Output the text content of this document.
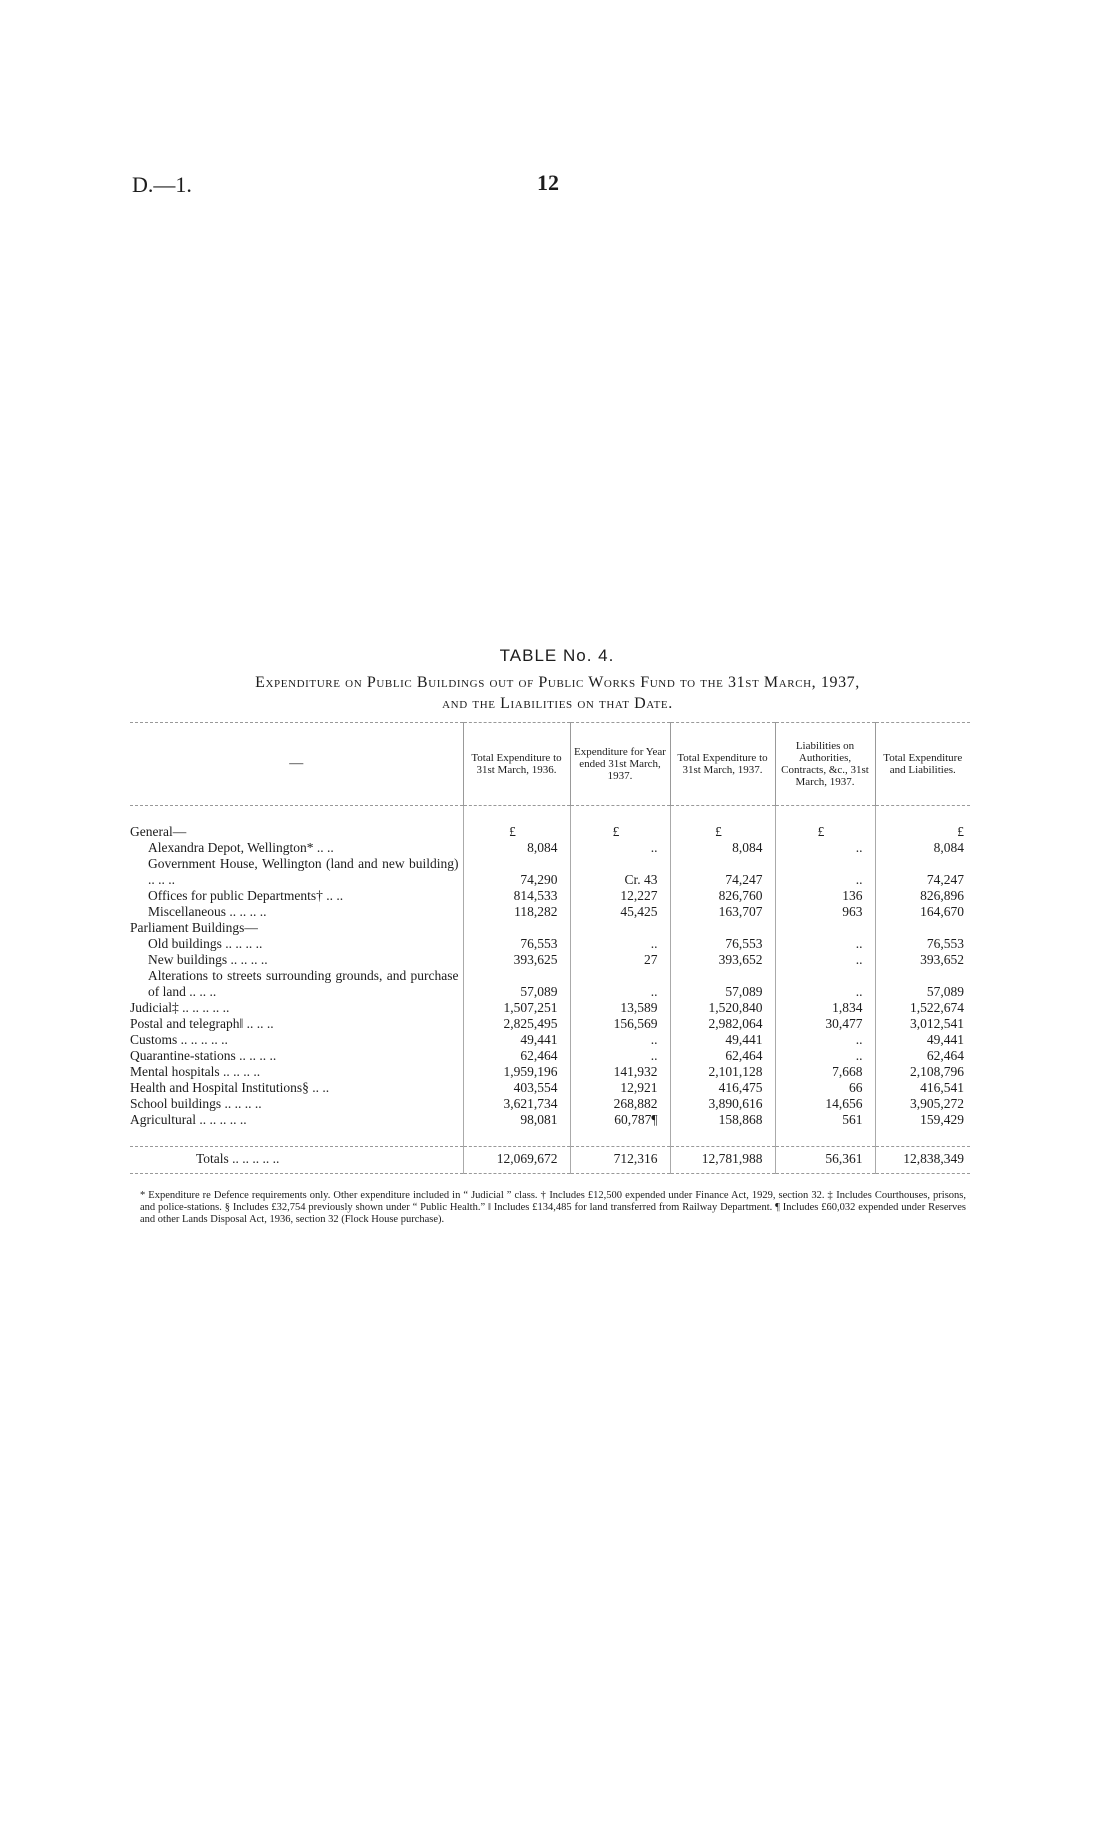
D.—1.	12
TABLE No. 4.
Expenditure on Public Buildings out of Public Works Fund to the 31st March, 1937,
and the Liabilities on that Date.
—	Total Expenditure to 31st March, 1936.	Expenditure for Year ended 31st March, 1937.	Total Expenditure to 31st March, 1937.	Liabilities on Authorities, Contracts, &c., 31st March, 1937.	Total Expenditure and Liabilities.

General—	£	£	£	£	£
Alexandra Depot, Wellington* .. ..	8,084	..	8,084	..	8,084
Government House, Wellington (land and new building) .. .. ..	74,290	Cr. 43	74,247	..	74,247
Offices for public Departments† .. ..	814,533	12,227	826,760	136	826,896
Miscellaneous .. .. .. ..	118,282	45,425	163,707	963	164,670
Parliament Buildings—					
Old buildings .. .. .. ..	76,553	..	76,553	..	76,553
New buildings .. .. .. ..	393,625	27	393,652	..	393,652
Alterations to streets surrounding grounds, and purchase of land .. .. ..	57,089	..	57,089	..	57,089
Judicial‡ .. .. .. .. ..	1,507,251	13,589	1,520,840	1,834	1,522,674
Postal and telegraph‖ .. .. ..	2,825,495	156,569	2,982,064	30,477	3,012,541
Customs .. .. .. .. ..	49,441	..	49,441	..	49,441
Quarantine-stations .. .. .. ..	62,464	..	62,464	..	62,464
Mental hospitals .. .. .. ..	1,959,196	141,932	2,101,128	7,668	2,108,796
Health and Hospital Institutions§ .. ..	403,554	12,921	416,475	66	416,541
School buildings .. .. .. ..	3,621,734	268,882	3,890,616	14,656	3,905,272
Agricultural .. .. .. .. ..	98,081	60,787¶	158,868	561	159,429

Totals .. .. .. .. ..	12,069,672	712,316	12,781,988	56,361	12,838,349
* Expenditure re Defence requirements only. Other expenditure included in “ Judicial ” class. † Includes £12,500 expended under Finance Act, 1929, section 32. ‡ Includes Courthouses, prisons, and police-stations. § Includes £32,754 previously shown under “ Public Health.” ‖ Includes £134,485 for land transferred from Railway Department. ¶ Includes £60,032 expended under Reserves and other Lands Disposal Act, 1936, section 32 (Flock House purchase).
